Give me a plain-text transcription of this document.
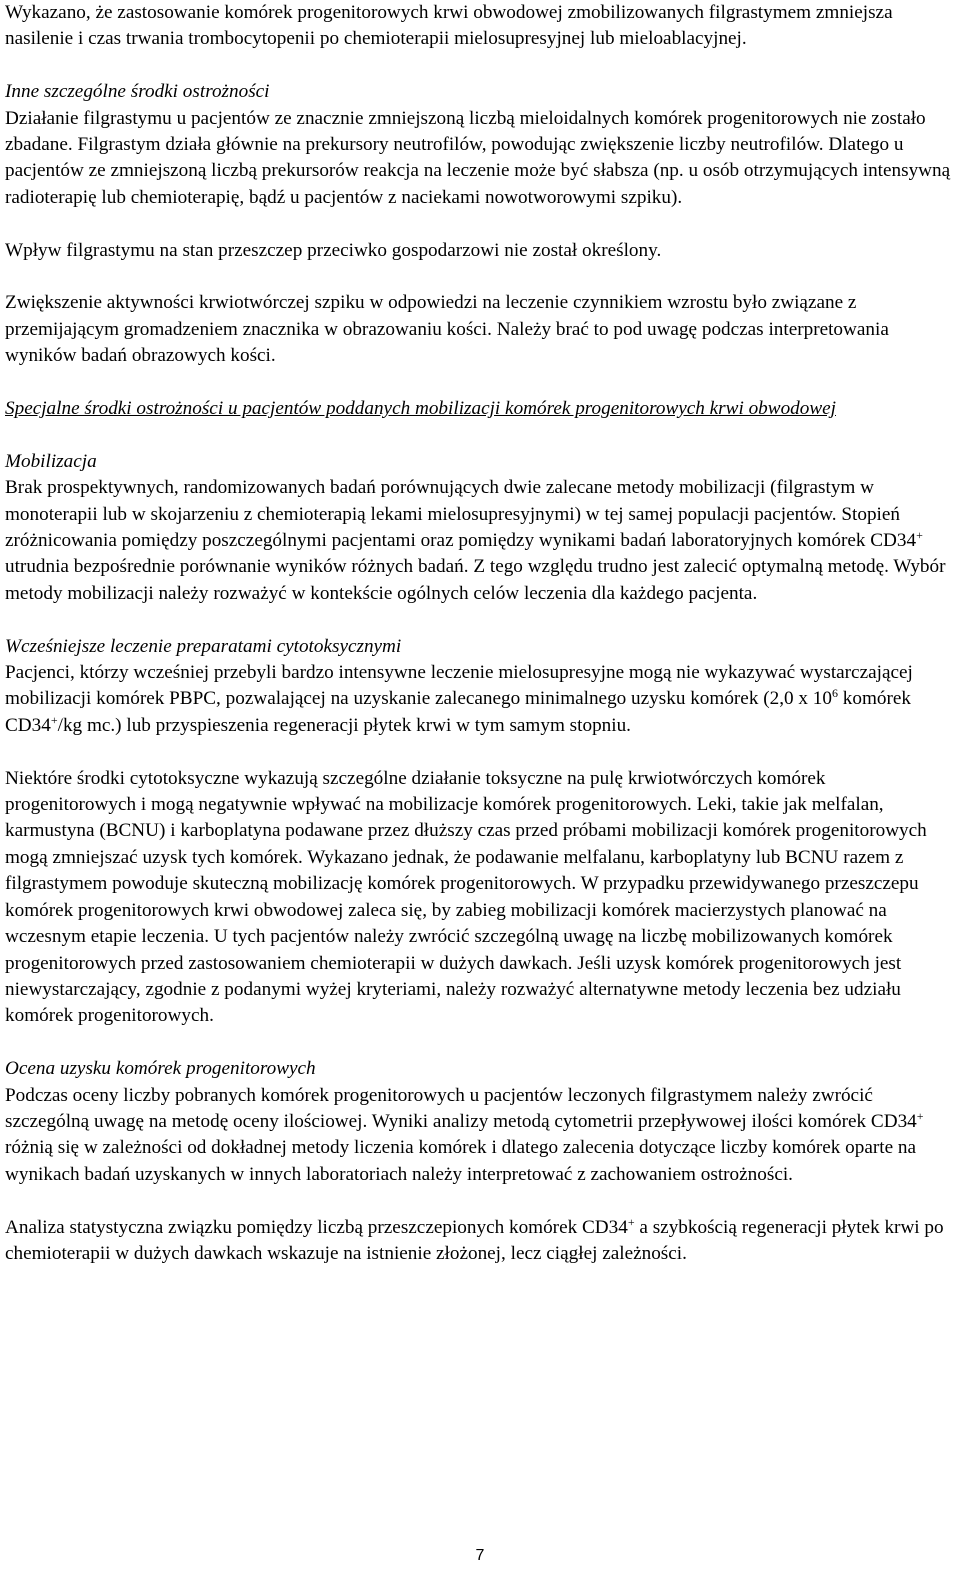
Wykazano, że zastosowanie komórek progenitorowych krwi obwodowej zmobilizowanych filgrastymem zmniejsza nasilenie i czas trwania trombocytopenii po chemioterapii mielosupresyjnej lub mieloablacyjnej.

Inne szczególne środki ostrożności
Działanie filgrastymu u pacjentów ze znacznie zmniejszoną liczbą mieloidalnych komórek progenitorowych nie zostało zbadane. Filgrastym działa głównie na prekursory neutrofilów, powodując zwiększenie liczby neutrofilów. Dlatego u pacjentów ze zmniejszoną liczbą prekursorów reakcja na leczenie może być słabsza (np. u osób otrzymujących intensywną radioterapię lub chemioterapię, bądź u pacjentów z naciekami nowotworowymi szpiku).

Wpływ filgrastymu na stan przeszczep przeciwko gospodarzowi nie został określony.

Zwiększenie aktywności krwiotwórczej szpiku w odpowiedzi na leczenie czynnikiem wzrostu było związane z przemijającym gromadzeniem znacznika w obrazowaniu kości. Należy brać to pod uwagę podczas interpretowania wyników badań obrazowych kości.

Specjalne środki ostrożności u pacjentów poddanych mobilizacji komórek progenitorowych krwi obwodowej

Mobilizacja
Brak prospektywnych, randomizowanych badań porównujących dwie zalecane metody mobilizacji (filgrastym w monoterapii lub w skojarzeniu z chemioterapią lekami mielosupresyjnymi) w tej samej populacji pacjentów. Stopień zróżnicowania pomiędzy poszczególnymi pacjentami oraz pomiędzy wynikami badań laboratoryjnych komórek CD34+ utrudnia bezpośrednie porównanie wyników różnych badań. Z tego względu trudno jest zalecić optymalną metodę. Wybór metody mobilizacji należy rozważyć w kontekście ogólnych celów leczenia dla każdego pacjenta.

Wcześniejsze leczenie preparatami cytotoksycznymi
Pacjenci, którzy wcześniej przebyli bardzo intensywne leczenie mielosupresyjne mogą nie wykazywać wystarczającej mobilizacji komórek PBPC, pozwalającej na uzyskanie zalecanego minimalnego uzysku komórek (2,0 x $10^6$ komórek CD34+/kg mc.) lub przyspieszenia regeneracji płytek krwi w tym samym stopniu.

Niektóre środki cytotoksyczne wykazują szczególne działanie toksyczne na pulę krwiotwórczych komórek progenitorowych i mogą negatywnie wpływać na mobilizacje komórek progenitorowych. Leki, takie jak melfalan, karmustyna (BCNU) i karboplatyna podawane przez dłuższy czas przed próbami mobilizacji komórek progenitorowych mogą zmniejszać uzysk tych komórek. Wykazano jednak, że podawanie melfalanu, karboplatyny lub BCNU razem z filgrastymem powoduje skuteczną mobilizację komórek progenitorowych. W przypadku przewidywanego przeszczepu komórek progenitorowych krwi obwodowej zaleca się, by zabieg mobilizacji komórek macierzystych planować na wczesnym etapie leczenia. U tych pacjentów należy zwrócić szczególną uwagę na liczbę mobilizowanych komórek progenitorowych przed zastosowaniem chemioterapii w dużych dawkach. Jeśli uzysk komórek progenitorowych jest niewystarczający, zgodnie z podanymi wyżej kryteriami, należy rozważyć alternatywne metody leczenia bez udziału komórek progenitorowych.

Ocena uzysku komórek progenitorowych
Podczas oceny liczby pobranych komórek progenitorowych u pacjentów leczonych filgrastymem należy zwrócić szczególną uwagę na metodę oceny ilościowej. Wyniki analizy metodą cytometrii przepływowej ilości komórek CD34+ różnią się w zależności od dokładnej metody liczenia komórek i dlatego zalecenia dotyczące liczby komórek oparte na wynikach badań uzyskanych w innych laboratoriach należy interpretować z zachowaniem ostrożności.

Analiza statystyczna związku pomiędzy liczbą przeszczepionych komórek CD34+ a szybkością regeneracji płytek krwi po chemioterapii w dużych dawkach wskazuje na istnienie złożonej, lecz ciągłej zależności.

7
